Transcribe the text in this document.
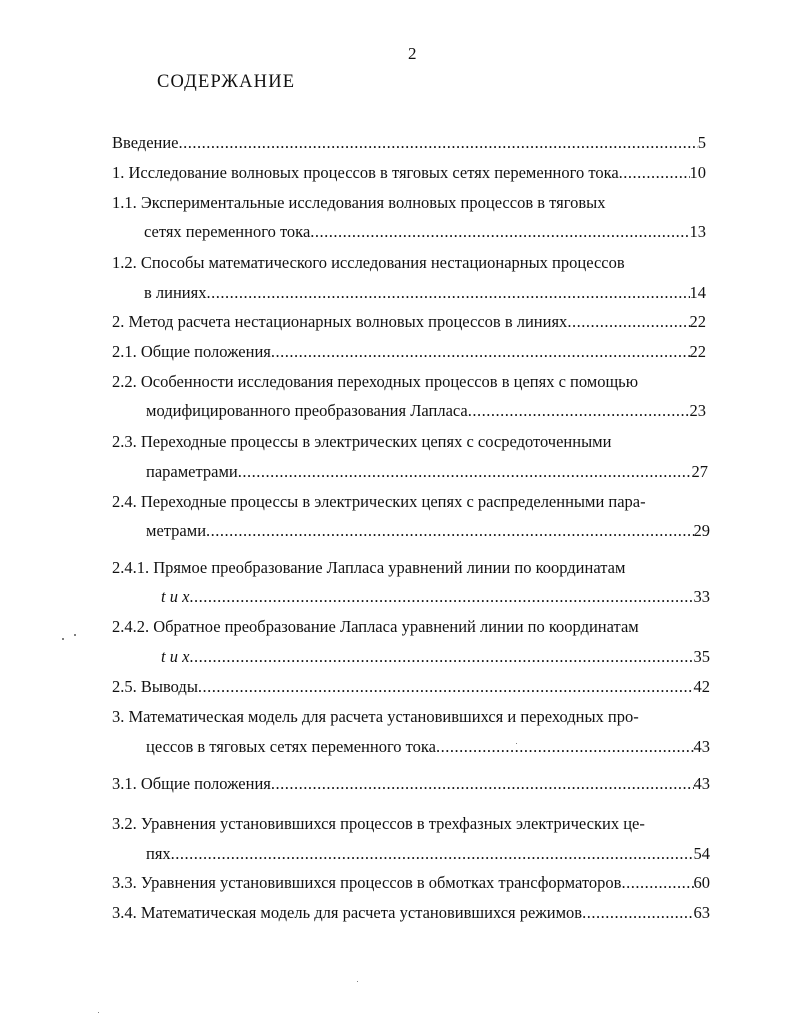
2
СОДЕРЖАНИЕ
Введение .....	5
1. Исследование волновых процессов в тяговых сетях переменного тока .....	10
1.1. Экспериментальные исследования волновых процессов в тяговых
сетях переменного тока .....	13
1.2. Способы математического исследования нестационарных процессов
в линиях .....	14
2. Метод расчета нестационарных волновых процессов в линиях .....	22
2.1. Общие положения .....	22
2.2. Особенности исследования переходных процессов в цепях с помощью
модифицированного преобразования Лапласа .....	23
2.3. Переходные процессы в электрических цепях с сосредоточенными
параметрами .....	27
2.4. Переходные процессы в электрических цепях с распределенными пара-
метрами .....	29
2.4.1. Прямое преобразование Лапласа уравнений линии по координатам
t и x .....	33
2.4.2. Обратное преобразование Лапласа уравнений линии по координатам
t и x .....	35
2.5. Выводы .....	42
3. Математическая модель для расчета установившихся и переходных про-
цессов в тяговых сетях переменного тока .....	43
3.1. Общие положения .....	43
3.2. Уравнения установившихся процессов в трехфазных электрических це-
пях .....	54
3.3. Уравнения установившихся процессов в обмотках трансформаторов .....	60
3.4. Математическая модель для расчета установившихся режимов .....	63
